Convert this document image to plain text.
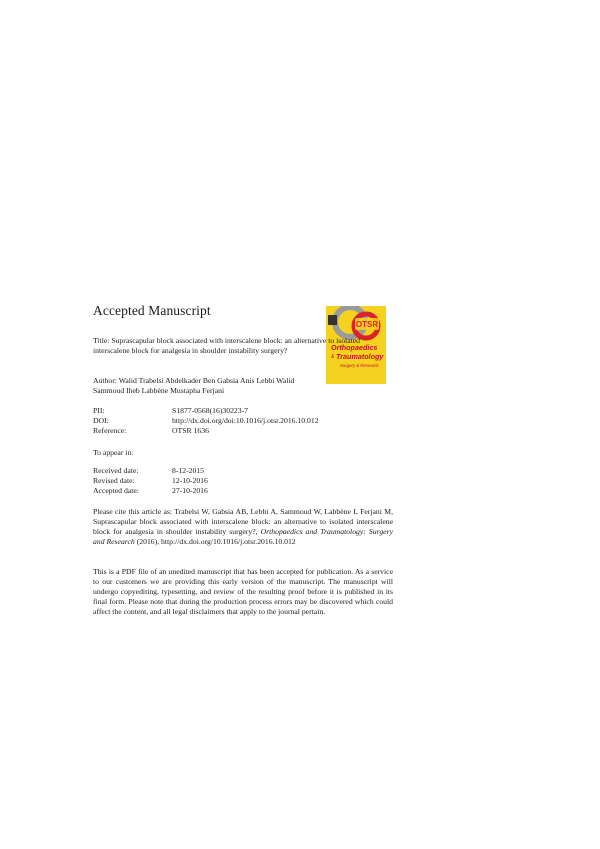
Accepted Manuscript
OTSR
Orthopaedics
& Traumatology
Surgery & Research
Title: Suprascapular block associated with interscalene block: an alternative to isolated interscalene block for analgesia in shoulder instability surgery?
Author: Walid Trabelsi Abdelkader Ben Gabsia Anis Lebbi Walid Sammoud Iheb Labbène Mustapha Ferjani
PII:	S1877-0568(16)30223-7
DOI:	http://dx.doi.org/doi:10.1016/j.otsr.2016.10.012
Reference:	OTSR 1636
To appear in:
Received date:	8-12-2015
Revised date:	12-10-2016
Accepted date:	27-10-2016
Please cite this article as: Trabelsi W, Gabsia AB, Lebbi A, Sammoud W, Labbène I, Ferjani M, Suprascapular block associated with interscalene block: an alternative to isolated interscalene block for analgesia in shoulder instability surgery?, Orthopaedics and Traumatology: Surgery and Research (2016), http://dx.doi.org/10.1016/j.otsr.2016.10.012
This is a PDF file of an unedited manuscript that has been accepted for publication. As a service to our customers we are providing this early version of the manuscript. The manuscript will undergo copyediting, typesetting, and review of the resulting proof before it is published in its final form. Please note that during the production process errors may be discovered which could affect the content, and all legal disclaimers that apply to the journal pertain.
